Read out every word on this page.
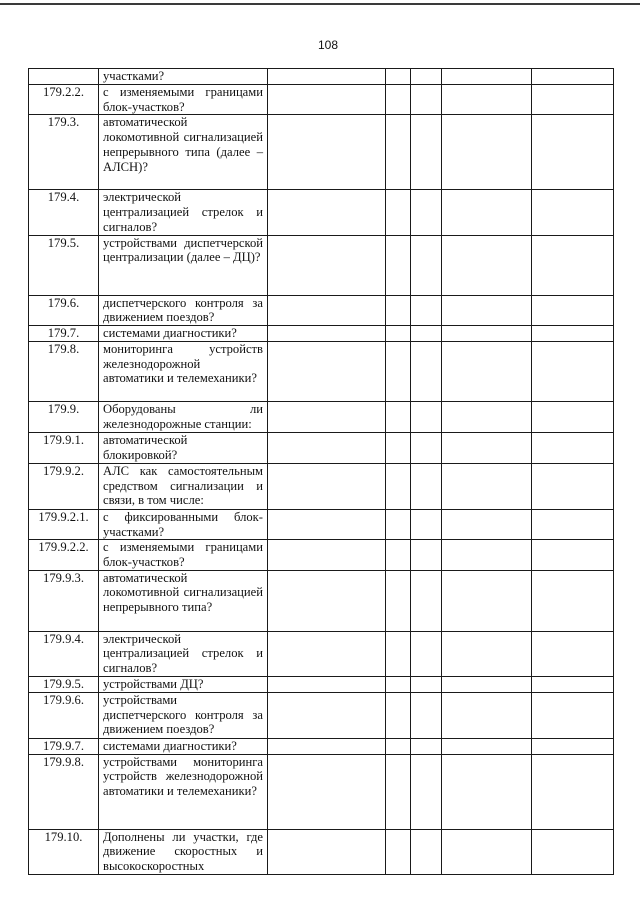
108
	участками?					
179.2.2.	с изменяемыми границами блок-участков?					
179.3.	автоматической локомотивной сигнализацией непрерывного типа (далее – АЛСН)?					
179.4.	электрической централизацией стрелок и сигналов?					
179.5.	устройствами диспетчерской централизации (далее – ДЦ)?					
179.6.	диспетчерского контроля за движением поездов?					
179.7.	системами диагностики?					
179.8.	мониторинга устройств железнодорожной автоматики и телемеханики?					
179.9.	Оборудованы ли железнодорожные станции:					
179.9.1.	автоматической блокировкой?					
179.9.2.	АЛС как самостоятельным средством сигнализации и связи, в том числе:					
179.9.2.1.	с фиксированными блок-участками?					
179.9.2.2.	с изменяемыми границами блок-участков?					
179.9.3.	автоматической локомотивной сигнализацией непрерывного типа?					
179.9.4.	электрической централизацией стрелок и сигналов?					
179.9.5.	устройствами ДЦ?					
179.9.6.	устройствами диспетчерского контроля за движением поездов?					
179.9.7.	системами диагностики?					
179.9.8.	устройствами мониторинга устройств железнодорожной автоматики и телемеханики?					
179.10.	Дополнены ли участки, где движение скоростных и высокоскоростных					
